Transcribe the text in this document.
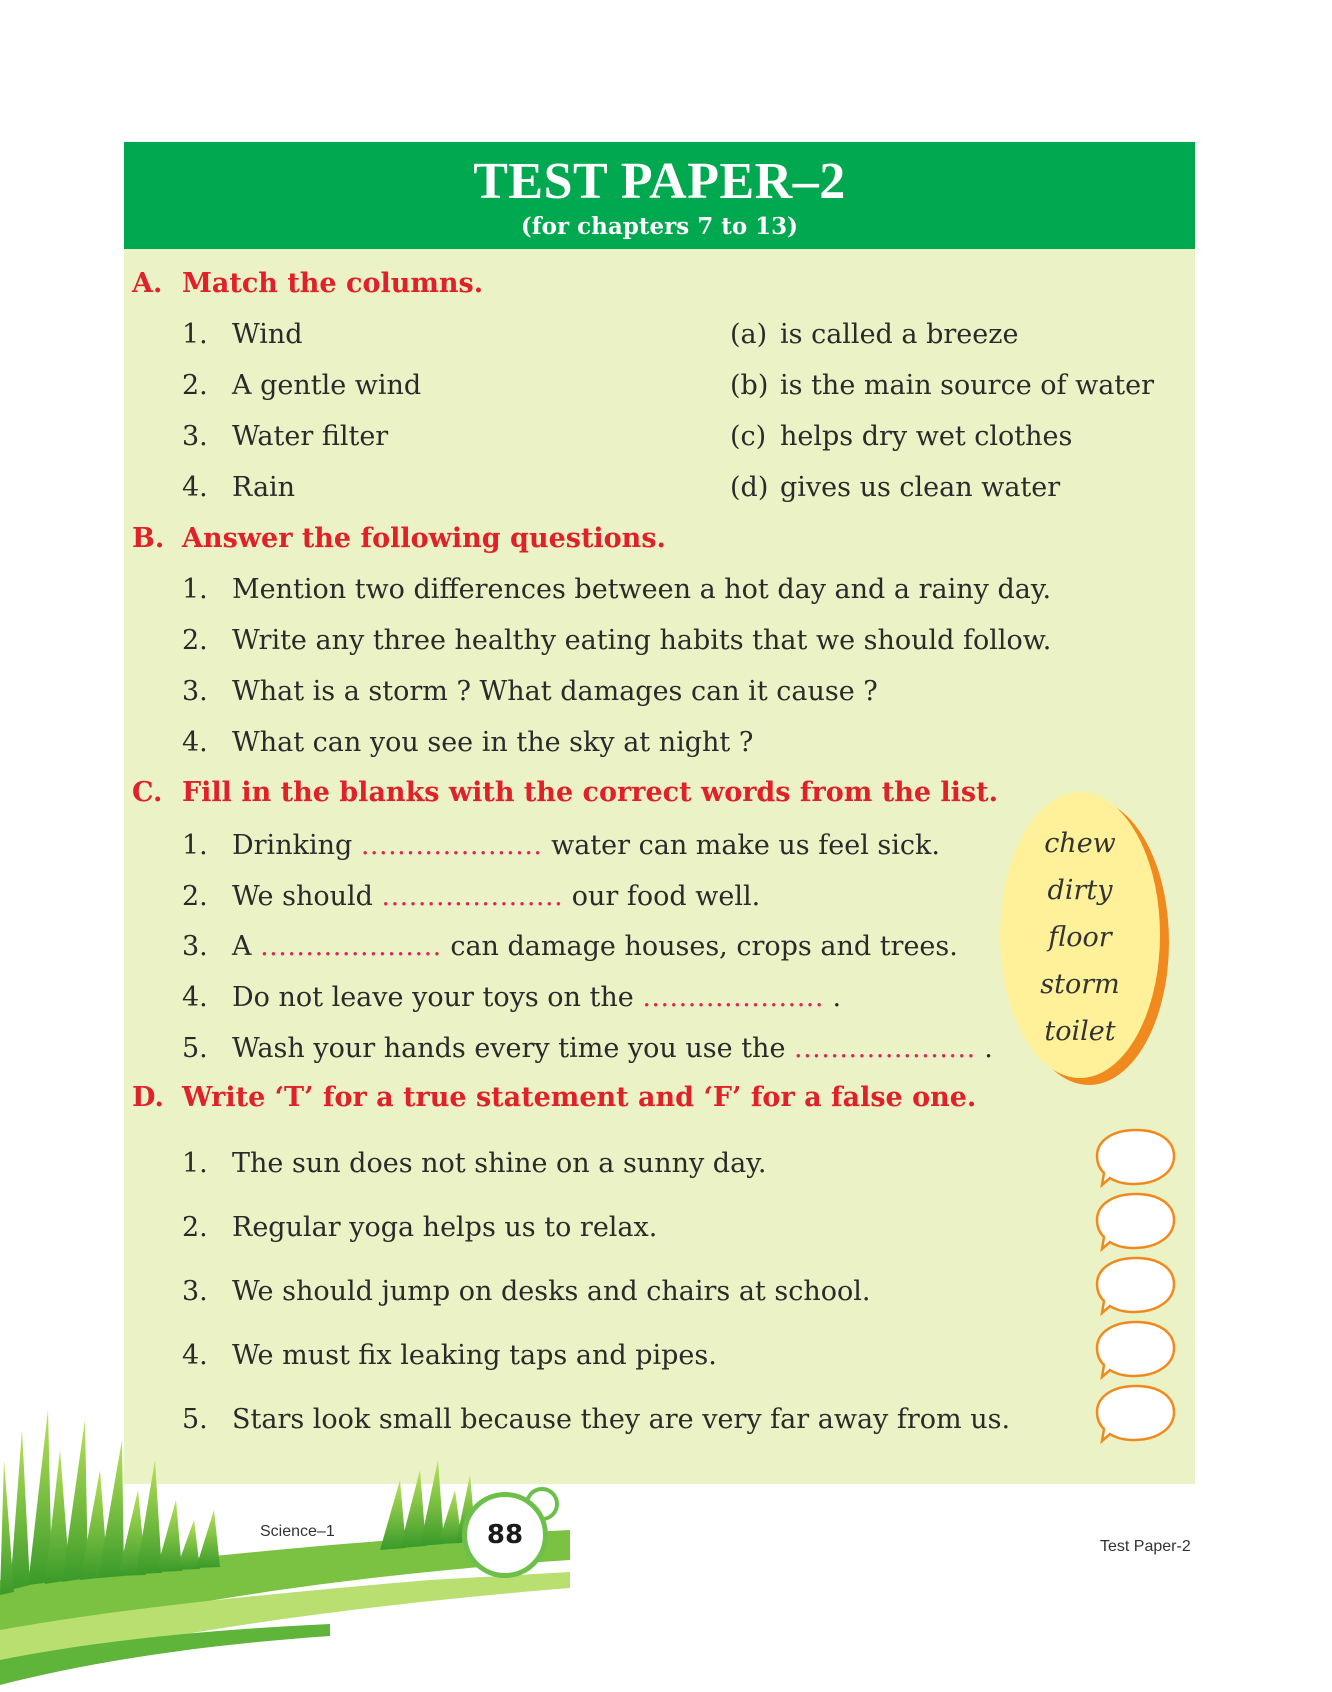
TEST PAPER–2
(for chapters 7 to 13)
A. Match the columns.
1. Wind
2. A gentle wind
3. Water filter
4. Rain
(a) is called a breeze
(b) is the main source of water
(c) helps dry wet clothes
(d) gives us clean water
B. Answer the following questions.
1. Mention two differences between a hot day and a rainy day.
2. Write any three healthy eating habits that we should follow.
3. What is a storm ? What damages can it cause ?
4. What can you see in the sky at night ?
C. Fill in the blanks with the correct words from the list.
1. Drinking .................... water can make us feel sick.
2. We should .................... our food well.
3. A .................... can damage houses, crops and trees.
4. Do not leave your toys on the .................... .
5. Wash your hands every time you use the .................... .
chew
dirty
floor
storm
toilet
D. Write ‘T’ for a true statement and ‘F’ for a false one.
1. The sun does not shine on a sunny day.
2. Regular yoga helps us to relax.
3. We should jump on desks and chairs at school.
4. We must fix leaking taps and pipes.
5. Stars look small because they are very far away from us.
Science–1	88	Test Paper-2
